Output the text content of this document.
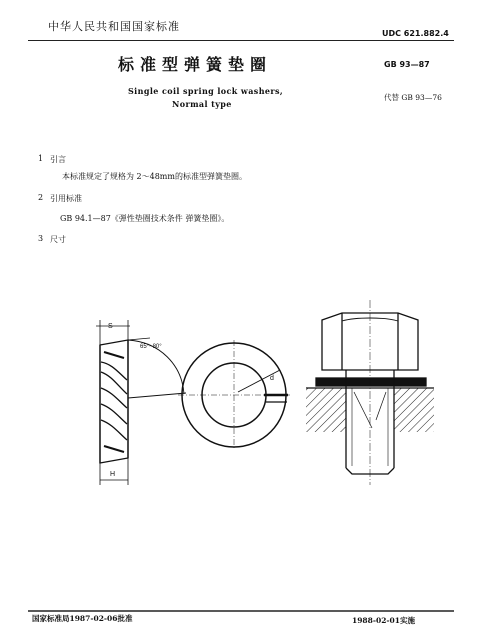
中华人民共和国国家标准
UDC 621.882.4
标准型弹簧垫圈	GB 93—87
Single coil spring lock washers,
Normal type
代替 GB 93—76
1 引言
本标准规定了规格为 2～48mm的标准型弹簧垫圈。
2 引用标准
GB 94.1—87《弹性垫圈技术条件 弹簧垫圈》。
3 尺寸
S
65°~80°
H
d
国家标准局1987-02-06批准	1988-02-01实施
